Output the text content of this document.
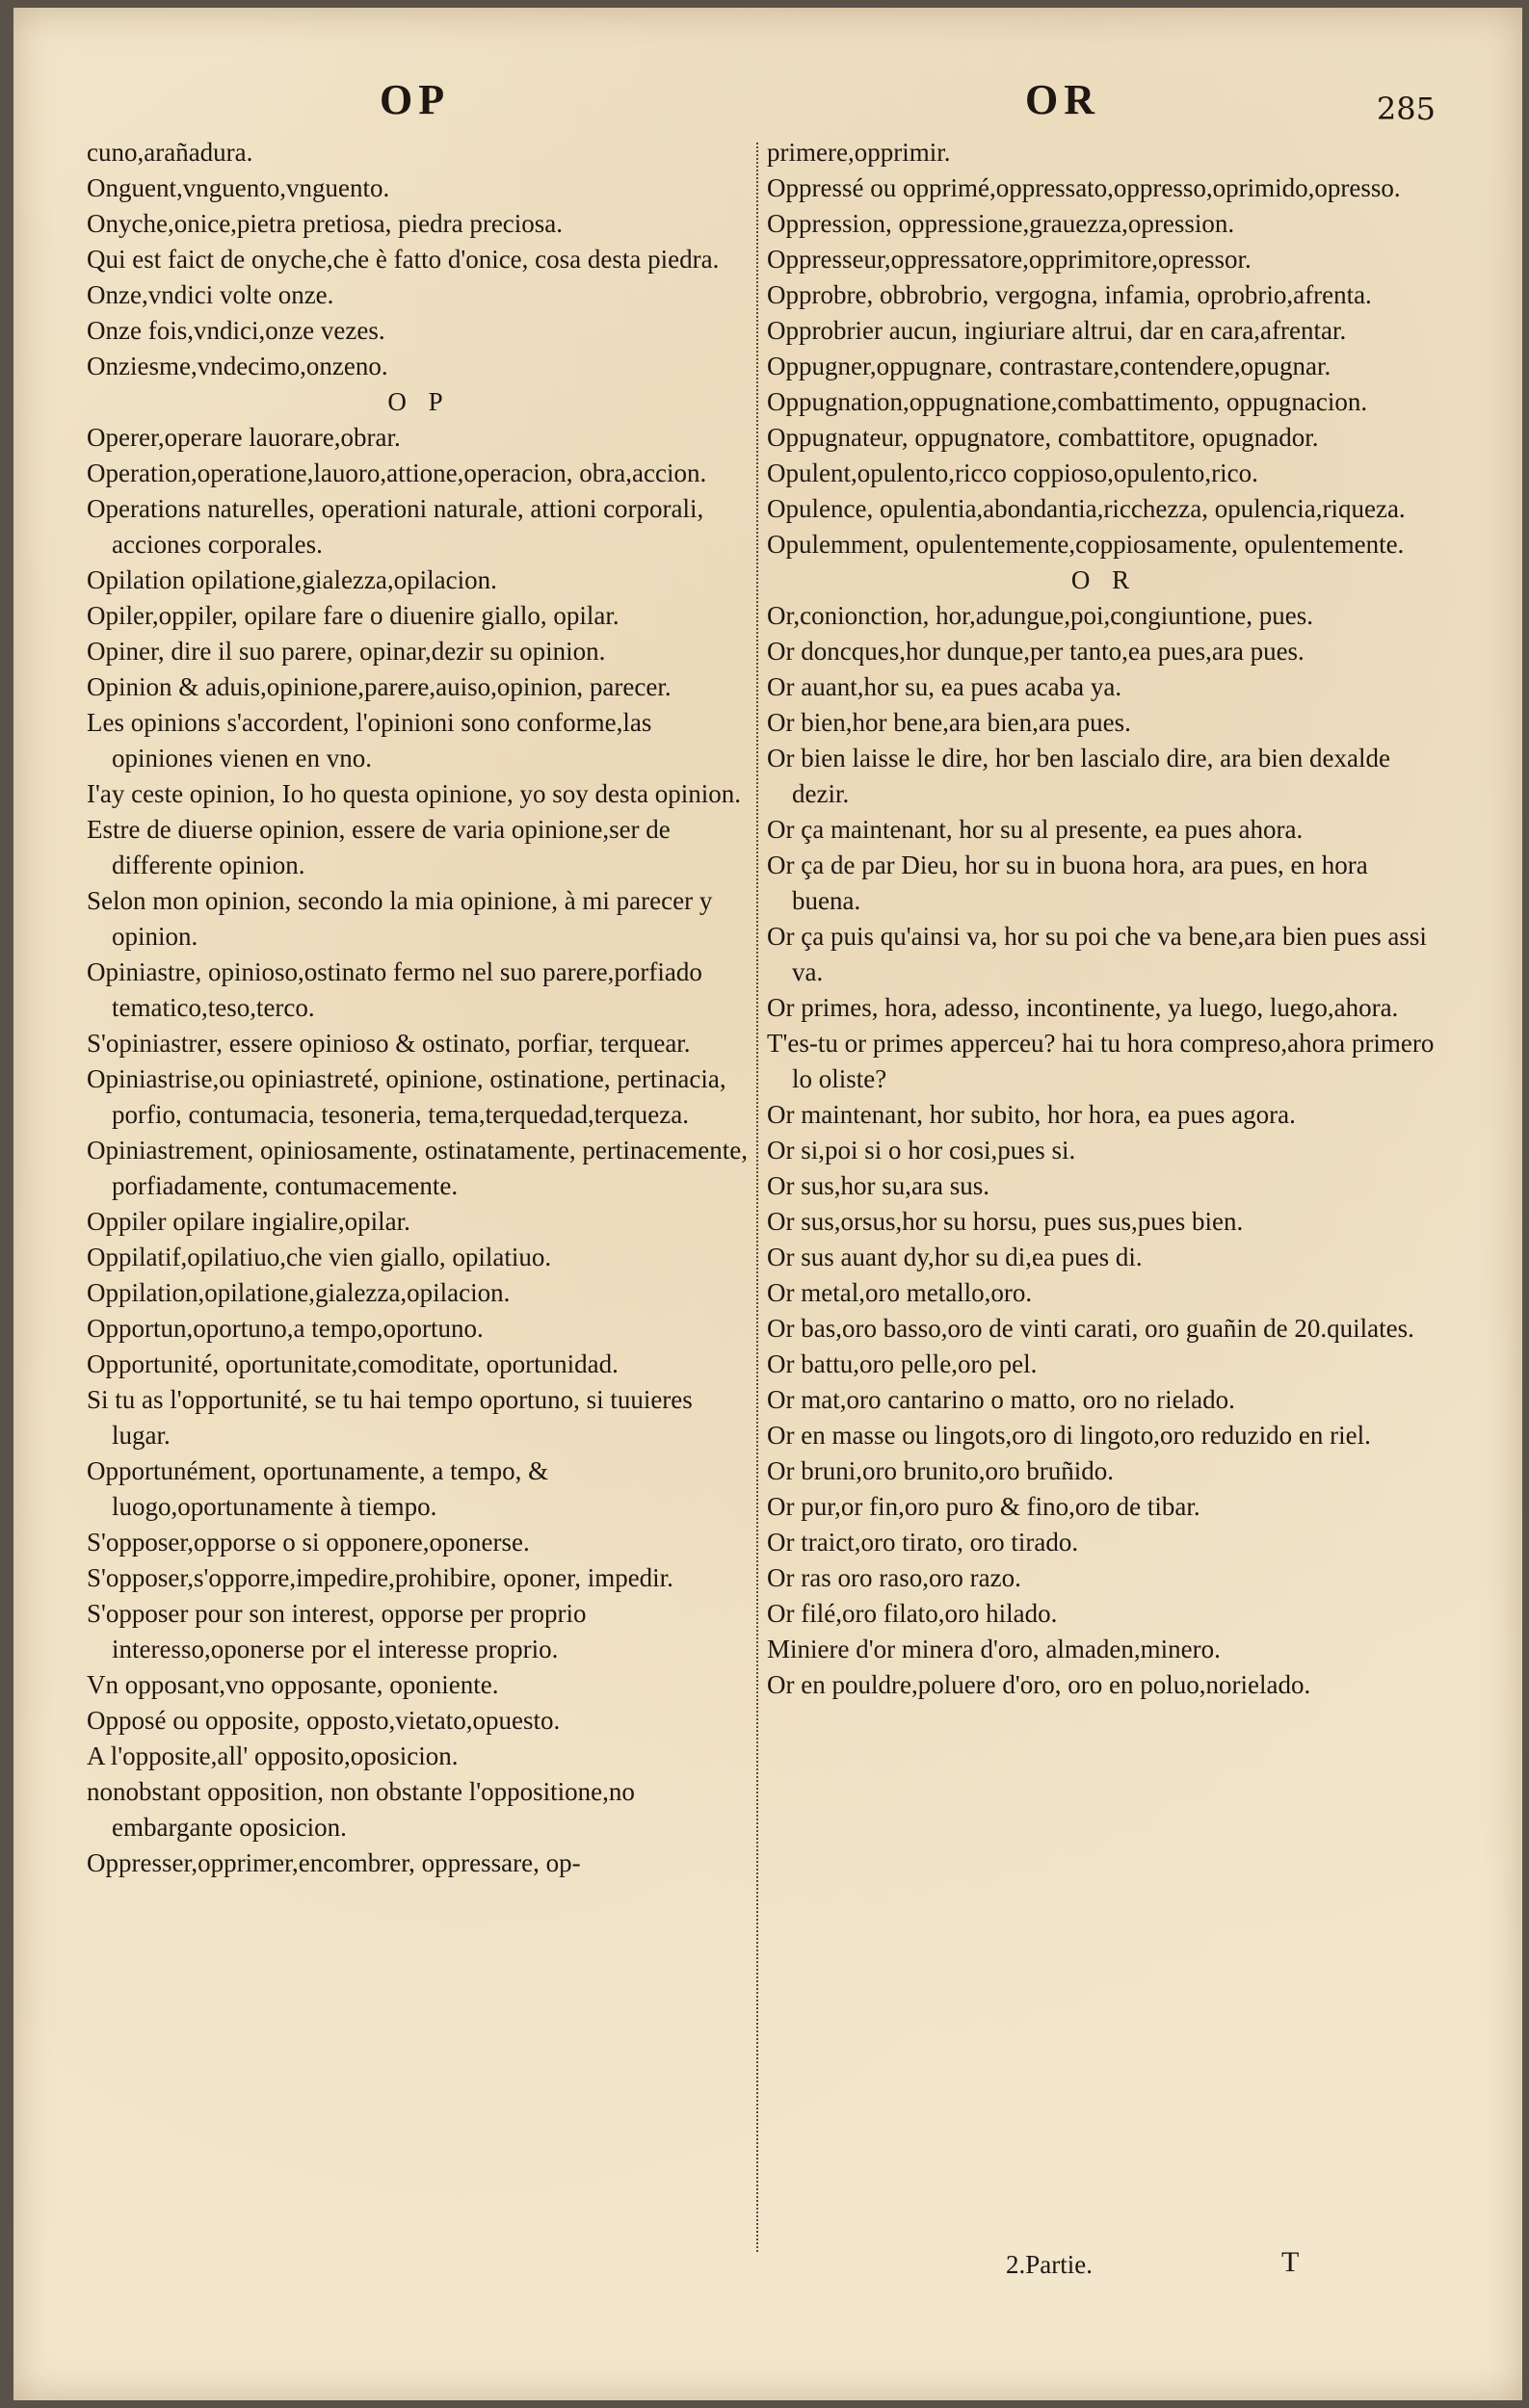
OP	OR	285
cuno,arañadura.
Onguent,vnguento,vnguento.
Onyche,onice,pietra pretiosa, piedra preciosa.
Qui est faict de onyche,che è fatto d'onice, cosa desta piedra.
Onze,vndici volte onze.
Onze fois,vndici,onze vezes.
Onziesme,vndecimo,onzeno.
O P
Operer,operare lauorare,obrar.
Operation,operatione,lauoro,attione,operacion, obra,accion.
Operations naturelles, operationi naturale, attioni corporali, acciones corporales.
Opilation opilatione,gialezza,opilacion.
Opiler,oppiler, opilare fare o diuenire giallo, opilar.
Opiner, dire il suo parere, opinar,dezir su opinion.
Opinion & aduis,opinione,parere,auiso,opinion, parecer.
Les opinions s'accordent, l'opinioni sono conforme,las opiniones vienen en vno.
I'ay ceste opinion, Io ho questa opinione, yo soy desta opinion.
Estre de diuerse opinion, essere de varia opinione,ser de differente opinion.
Selon mon opinion, secondo la mia opinione, à mi parecer y opinion.
Opiniastre, opinioso,ostinato fermo nel suo parere,porfiado tematico,teso,terco.
S'opiniastrer, essere opinioso & ostinato, porfiar, terquear.
Opiniastrise,ou opiniastreté, opinione, ostinatione, pertinacia, porfio, contumacia, tesoneria, tema,terquedad,terqueza.
Opiniastrement, opiniosamente, ostinatamente, pertinacemente, porfiadamente, contumacemente.
Oppiler opilare ingialire,opilar.
Oppilatif,opilatiuo,che vien giallo, opilatiuo.
Oppilation,opilatione,gialezza,opilacion.
Opportun,oportuno,a tempo,oportuno.
Opportunité, oportunitate,comoditate, oportunidad.
Si tu as l'opportunité, se tu hai tempo oportuno, si tuuieres lugar.
Opportunément, oportunamente, a tempo, & luogo,oportunamente à tiempo.
S'opposer,opporse o si opponere,oponerse.
S'opposer,s'opporre,impedire,prohibire, oponer, impedir.
S'opposer pour son interest, opporse per proprio interesso,oponerse por el interesse proprio.
Vn opposant,vno opposante, oponiente.
Opposé ou opposite, opposto,vietato,opuesto.
A l'opposite,all' opposito,oposicion.
nonobstant opposition, non obstante l'oppositione,no embargante oposicion.
Oppresser,opprimer,encombrer, oppressare, op-
primere,opprimir.
Oppressé ou opprimé,oppressato,oppresso,oprimido,opresso.
Oppression, oppressione,grauezza,opression.
Oppresseur,oppressatore,opprimitore,opressor.
Opprobre, obbrobrio, vergogna, infamia, oprobrio,afrenta.
Opprobrier aucun, ingiuriare altrui, dar en cara,afrentar.
Oppugner,oppugnare, contrastare,contendere,opugnar.
Oppugnation,oppugnatione,combattimento, oppugnacion.
Oppugnateur, oppugnatore, combattitore, opugnador.
Opulent,opulento,ricco coppioso,opulento,rico.
Opulence, opulentia,abondantia,ricchezza, opulencia,riqueza.
Opulemment, opulentemente,coppiosamente, opulentemente.
O R
Or,conionction, hor,adungue,poi,congiuntione, pues.
Or doncques,hor dunque,per tanto,ea pues,ara pues.
Or auant,hor su, ea pues acaba ya.
Or bien,hor bene,ara bien,ara pues.
Or bien laisse le dire, hor ben lascialo dire, ara bien dexalde dezir.
Or ça maintenant, hor su al presente, ea pues ahora.
Or ça de par Dieu, hor su in buona hora, ara pues, en hora buena.
Or ça puis qu'ainsi va, hor su poi che va bene,ara bien pues assi va.
Or primes, hora, adesso, incontinente, ya luego, luego,ahora.
T'es-tu or primes apperceu? hai tu hora compreso,ahora primero lo oliste?
Or maintenant, hor subito, hor hora, ea pues agora.
Or si,poi si o hor cosi,pues si.
Or sus,hor su,ara sus.
Or sus,orsus,hor su horsu, pues sus,pues bien.
Or sus auant dy,hor su di,ea pues di.
Or metal,oro metallo,oro.
Or bas,oro basso,oro de vinti carati, oro guañin de 20.quilates.
Or battu,oro pelle,oro pel.
Or mat,oro cantarino o matto, oro no rielado.
Or en masse ou lingots,oro di lingoto,oro reduzido en riel.
Or bruni,oro brunito,oro bruñido.
Or pur,or fin,oro puro & fino,oro de tibar.
Or traict,oro tirato, oro tirado.
Or ras oro raso,oro razo.
Or filé,oro filato,oro hilado.
Miniere d'or minera d'oro, almaden,minero.
Or en pouldre,poluere d'oro, oro en poluo,norielado.
2.Partie.	T
